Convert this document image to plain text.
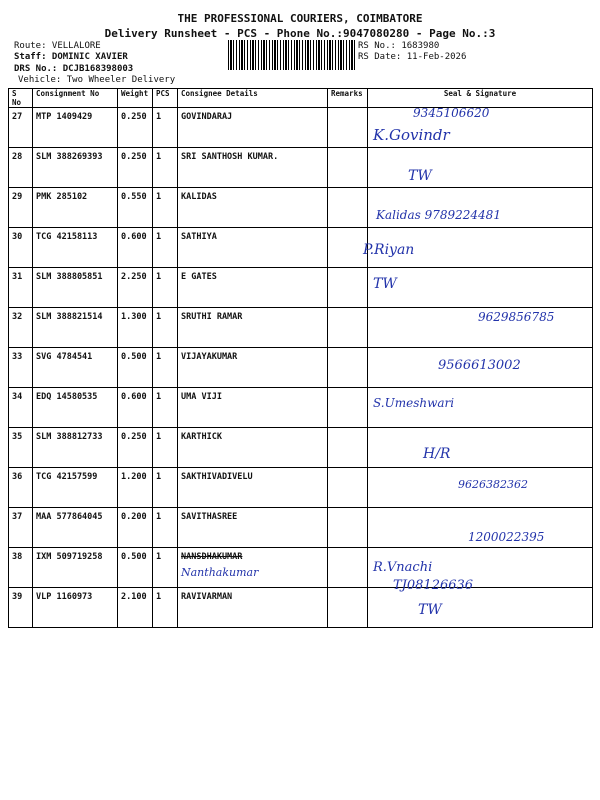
THE PROFESSIONAL COURIERS, COIMBATORE
Delivery Runsheet - PCS - Phone No.:9047080280 - Page No.:3
Route: VELLALORE
Staff: DOMINIC XAVIER
DRS No.: DCJB168398003
Vehicle: Two Wheeler Delivery
RS No.: 1683980
RS Date: 11-Feb-2026
S No	Consignment No	Weight	PCS	Consignee Details	Remarks	Seal & Signature
27	MTP 1409429	0.250	1	GOVINDARAJ		9345106620
K.Govindr

28	SLM 388269393	0.250	1	SRI SANTHOSH KUMAR.		TW

29	PMK 285102	0.550	1	KALIDAS		Kalidas 9789224481

30	TCG 42158113	0.600	1	SATHIYA		P.Riyan

31	SLM 388805851	2.250	1	E GATES		TW

32	SLM 388821514	1.300	1	SRUTHI RAMAR		9629856785

33	SVG 4784541	0.500	1	VIJAYAKUMAR		9566613002

34	EDQ 14580535	0.600	1	UMA VIJI		S.Umeshwari

35	SLM 388812733	0.250	1	KARTHICK		H/R

36	TCG 42157599	1.200	1	SAKTHIVADIVELU		9626382362

37	MAA 577864045	0.200	1	SAVITHASREE		1200022395

38	IXM 509719258	0.500	1	NANSDHAKUMAR
Nanthakumar		R.Vnachi

39	VLP 1160973	2.100	1	RAVIVARMAN		TJ08126636
TW
